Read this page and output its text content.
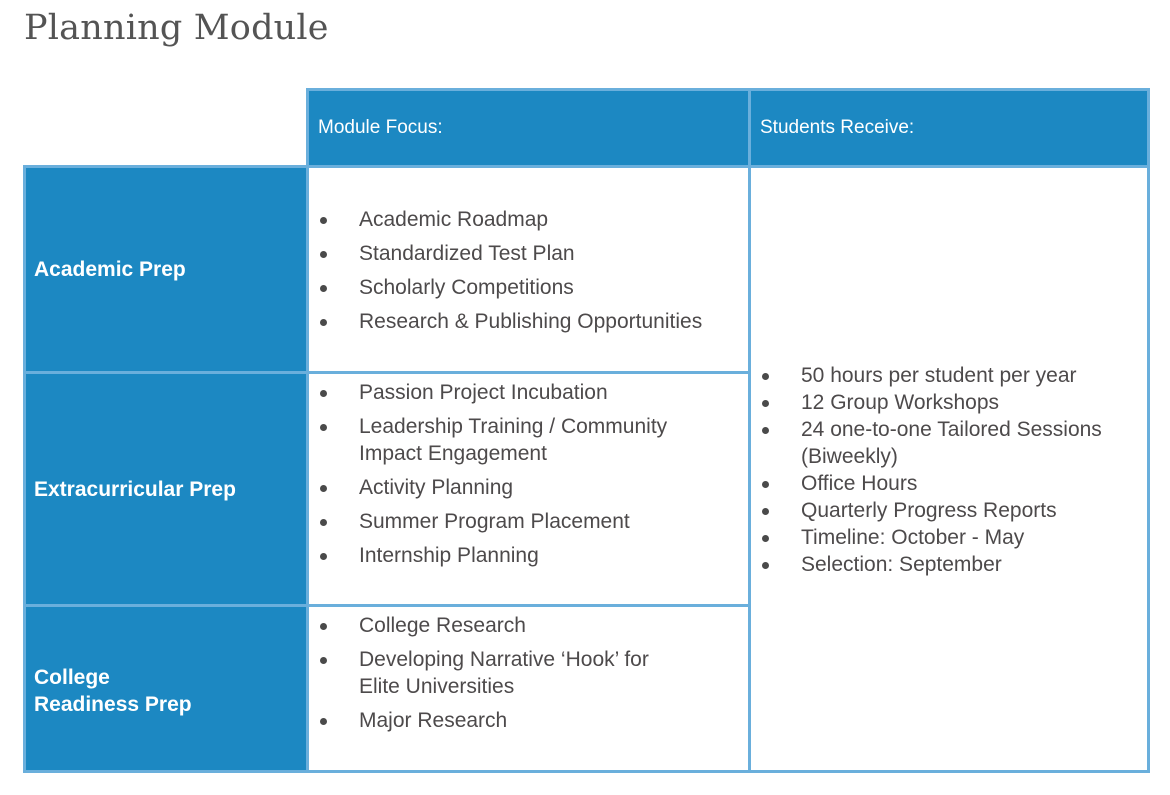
Planning Module
Module Focus:	Students Receive:
Academic Prep
Extracurricular Prep
College
Readiness Prep
Academic Roadmap
Standardized Test Plan
Scholarly Competitions
Research & Publishing Opportunities
Passion Project Incubation
Leadership Training / Community Impact Engagement
Activity Planning
Summer Program Placement
Internship Planning
College Research
Developing Narrative ‘Hook’ for Elite Universities
Major Research
50 hours per student per year
12 Group Workshops
24 one-to-one Tailored Sessions (Biweekly)
Office Hours
Quarterly Progress Reports
Timeline: October - May
Selection: September
